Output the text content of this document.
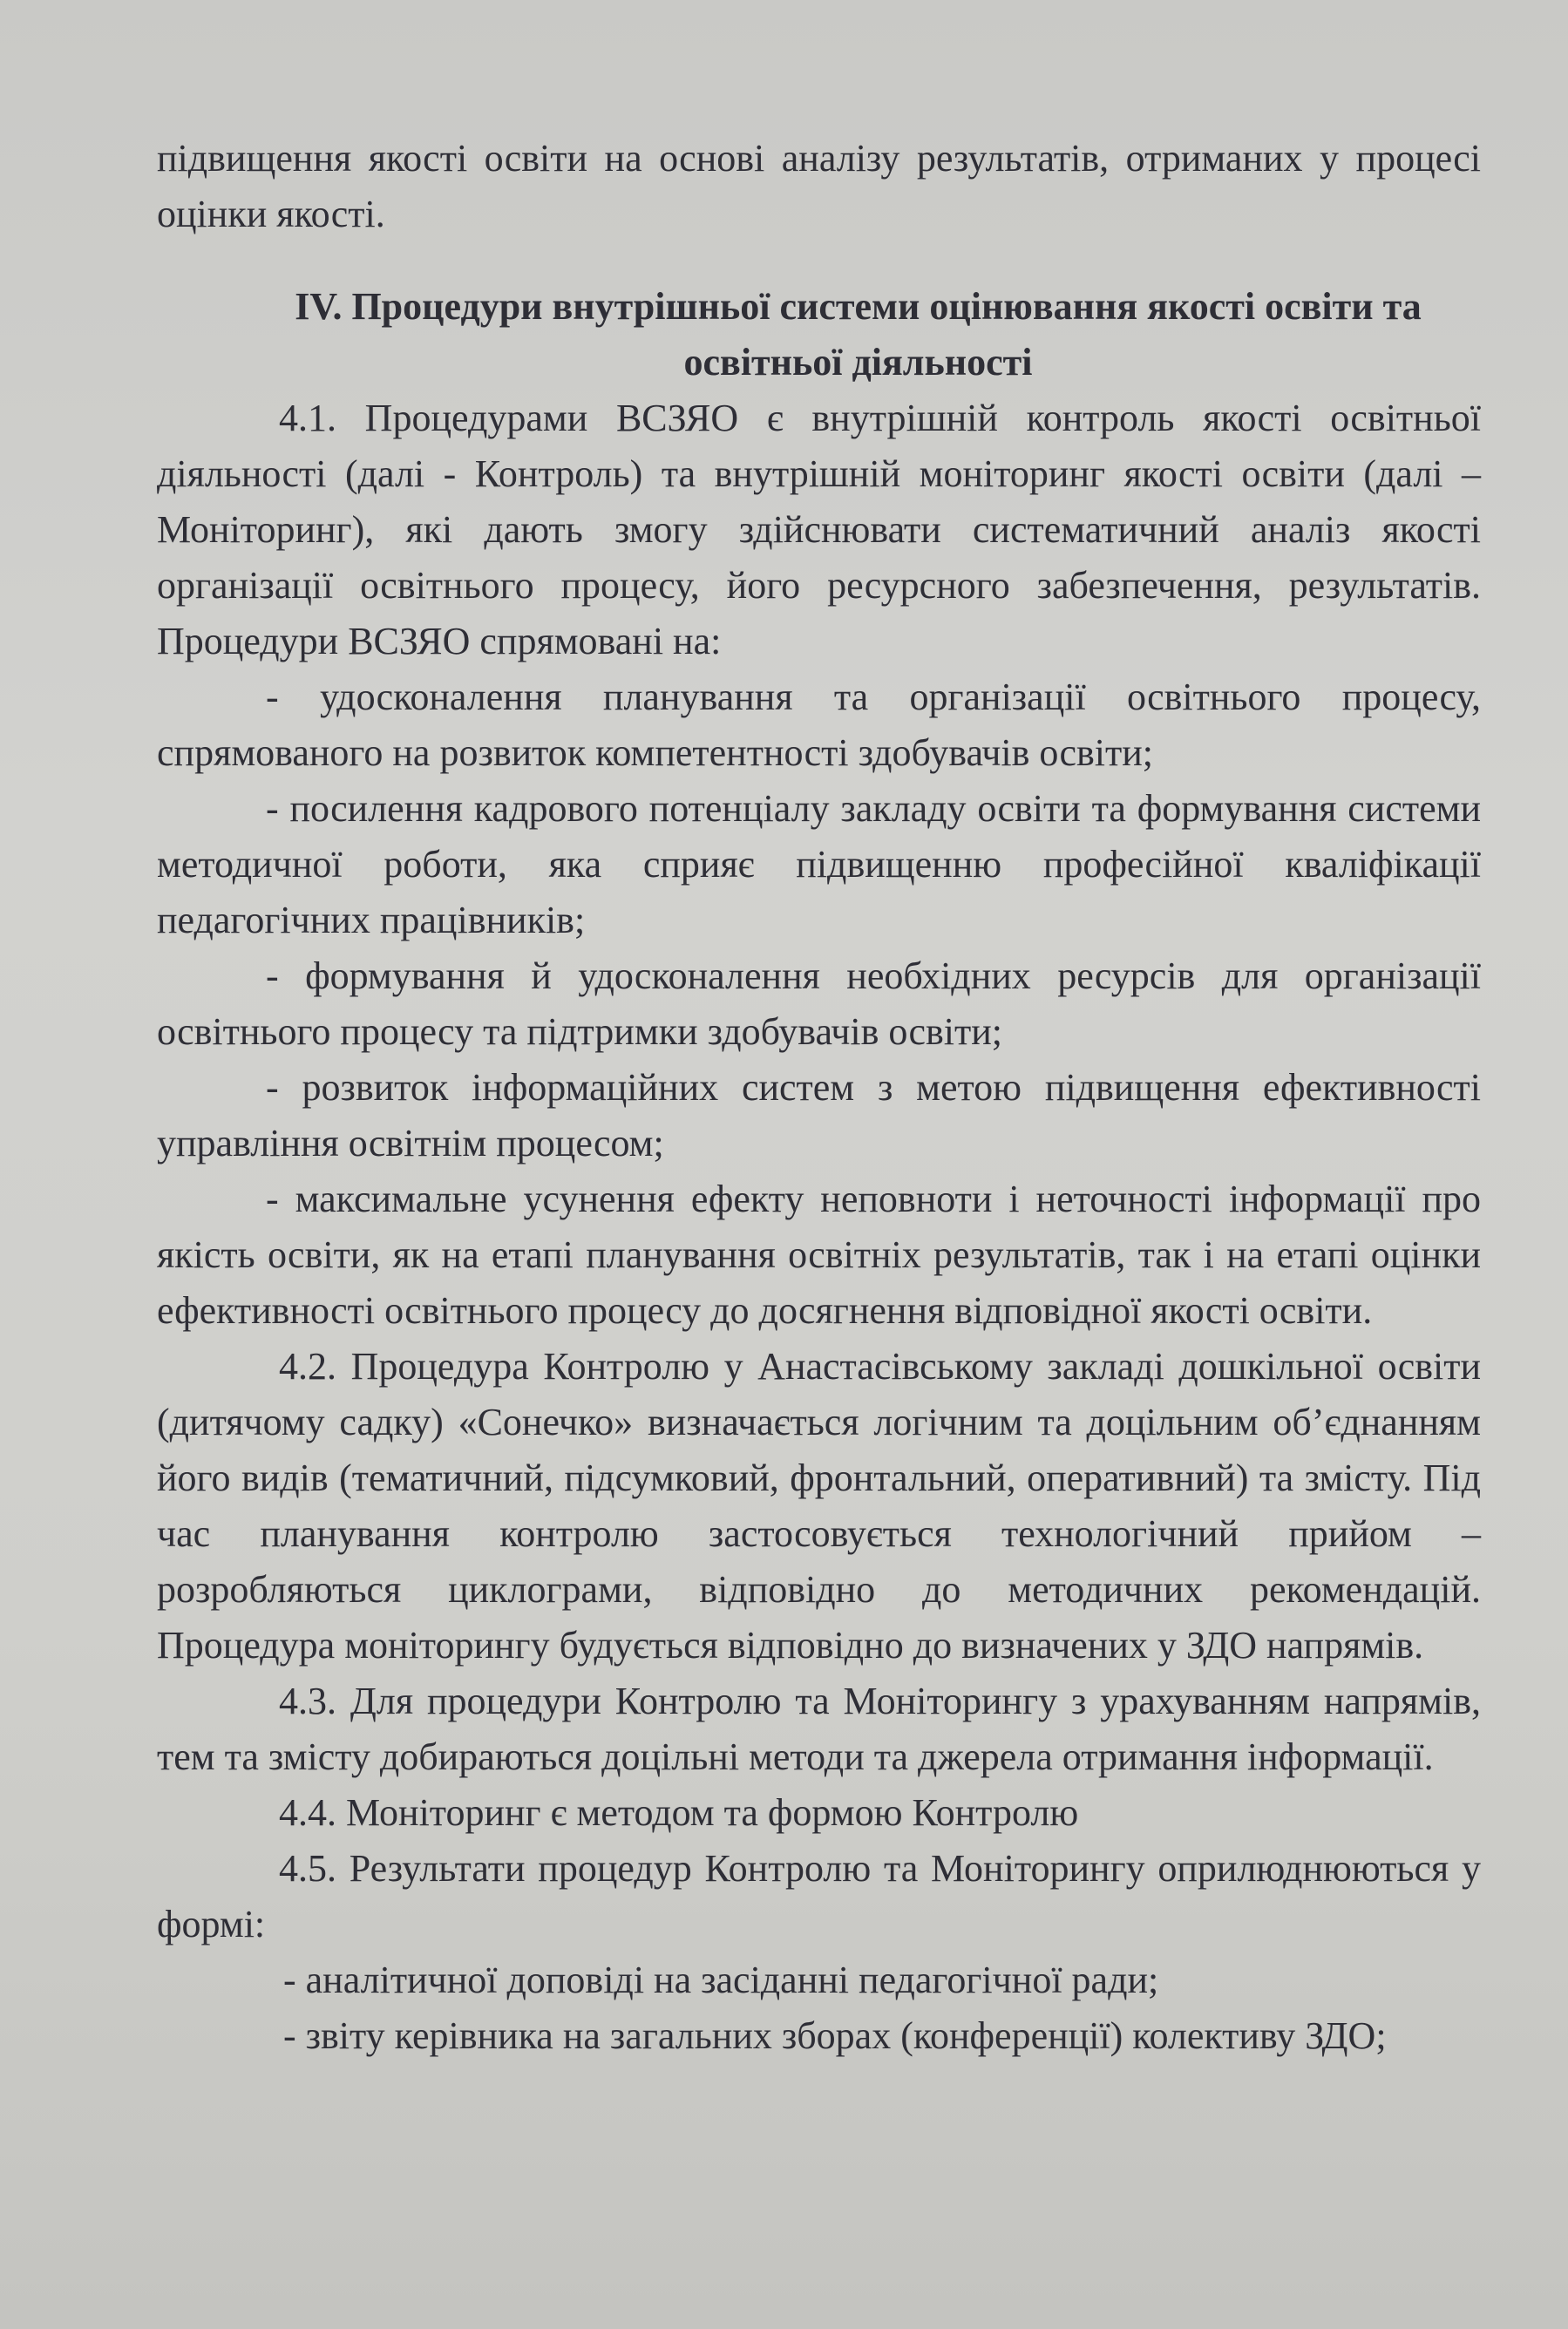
підвищення якості освіти на основі аналізу результатів, отриманих у процесі оцінки якості.

IV. Процедури внутрішньої системи оцінювання якості освіти та
освітньої діяльності

4.1. Процедурами ВСЗЯО є внутрішній контроль якості освітньої діяльності (далі - Контроль) та внутрішній моніторинг якості освіти (далі – Моніторинг), які дають змогу здійснювати систематичний аналіз якості організації освітнього процесу, його ресурсного забезпечення, результатів. Процедури ВСЗЯО спрямовані на:

- удосконалення планування та організації освітнього процесу, спрямованого на розвиток компетентності здобувачів освіти;

- посилення кадрового потенціалу закладу освіти та формування системи методичної роботи, яка сприяє підвищенню професійної кваліфікації педагогічних працівників;

- формування й удосконалення необхідних ресурсів для організації освітнього процесу та підтримки здобувачів освіти;

- розвиток інформаційних систем з метою підвищення ефективності управління освітнім процесом;

- максимальне усунення ефекту неповноти і неточності інформації про якість освіти, як на етапі планування освітніх результатів, так і на етапі оцінки ефективності освітнього процесу до досягнення відповідної якості освіти.

4.2. Процедура Контролю у Анастасівському закладі дошкільної освіти (дитячому садку) «Сонечко» визначається логічним та доцільним об’єднанням його видів (тематичний, підсумковий, фронтальний, оперативний) та змісту. Під час планування контролю застосовується технологічний прийом – розробляються циклограми, відповідно до методичних рекомендацій. Процедура моніторингу будується відповідно до визначених у ЗДО напрямів.

4.3. Для процедури Контролю та Моніторингу з урахуванням напрямів, тем та змісту добираються доцільні методи та джерела отримання інформації.

4.4. Моніторинг є методом та формою Контролю

4.5. Результати процедур Контролю та Моніторингу оприлюднюються у формі:

- аналітичної доповіді на засіданні педагогічної ради;
- звіту керівника на загальних зборах (конференції) колективу ЗДО;
